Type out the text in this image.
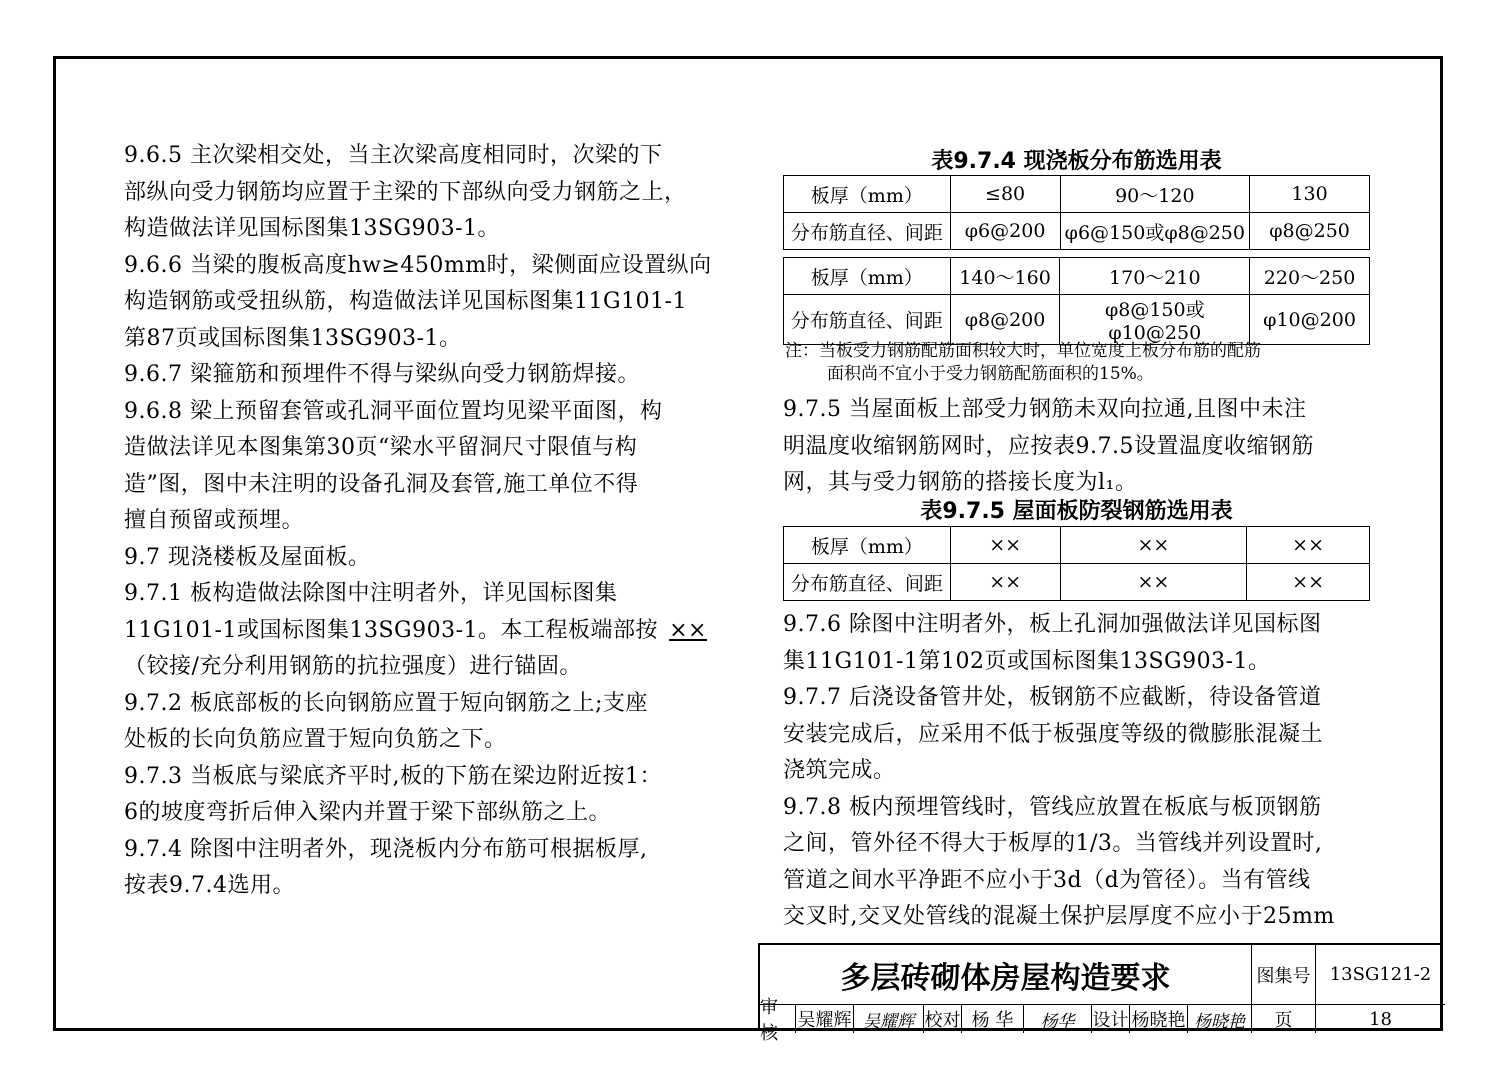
9.6.5 主次梁相交处，当主次梁高度相同时，次梁的下
部纵向受力钢筋均应置于主梁的下部纵向受力钢筋之上，
构造做法详见国标图集13SG903-1。
9.6.6 当梁的腹板高度hw≥450mm时，梁侧面应设置纵向
构造钢筋或受扭纵筋，构造做法详见国标图集11G101-1
第87页或国标图集13SG903-1。
9.6.7 梁箍筋和预埋件不得与梁纵向受力钢筋焊接。
9.6.8 梁上预留套管或孔洞平面位置均见梁平面图，构
造做法详见本图集第30页“梁水平留洞尺寸限值与构
造”图，图中未注明的设备孔洞及套管,施工单位不得
擅自预留或预埋。
9.7 现浇楼板及屋面板。
9.7.1 板构造做法除图中注明者外，详见国标图集
11G101-1或国标图集13SG903-1。本工程板端部按 ××
（铰接/充分利用钢筋的抗拉强度）进行锚固。
9.7.2 板底部板的长向钢筋应置于短向钢筋之上;支座
处板的长向负筋应置于短向负筋之下。
9.7.3 当板底与梁底齐平时,板的下筋在梁边附近按1：
6的坡度弯折后伸入梁内并置于梁下部纵筋之上。
9.7.4 除图中注明者外，现浇板内分布筋可根据板厚,
按表9.7.4选用。
表9.7.4 现浇板分布筋选用表
板厚（mm）	≤80	90～120	130
分布筋直径、间距	φ6@200	φ6@150或φ8@250	φ8@250
板厚（mm）	140～160	170～210	220～250
分布筋直径、间距	φ8@200	φ8@150或φ10@250	φ10@200
注：当板受力钢筋配筋面积较大时，单位宽度上板分布筋的配筋
面积尚不宜小于受力钢筋配筋面积的15%。
9.7.5 当屋面板上部受力钢筋未双向拉通,且图中未注
明温度收缩钢筋网时，应按表9.7.5设置温度收缩钢筋
网，其与受力钢筋的搭接长度为l₁。
表9.7.5 屋面板防裂钢筋选用表
板厚（mm）	××	××	××
分布筋直径、间距	××	××	××
9.7.6 除图中注明者外，板上孔洞加强做法详见国标图
集11G101-1第102页或国标图集13SG903-1。
9.7.7 后浇设备管井处，板钢筋不应截断，待设备管道
安装完成后，应采用不低于板强度等级的微膨胀混凝土
浇筑完成。
9.7.8 板内预埋管线时，管线应放置在板底与板顶钢筋
之间，管外径不得大于板厚的1/3。当管线并列设置时,
管道之间水平净距不应小于3d（d为管径）。当有管线
交叉时,交叉处管线的混凝土保护层厚度不应小于25mm
多层砖砌体房屋构造要求	图集号	13SG121-2
审核
吴耀辉 吴耀辉 校对 杨 华	杨华	设计 杨晓艳 杨晓艳	页	18
